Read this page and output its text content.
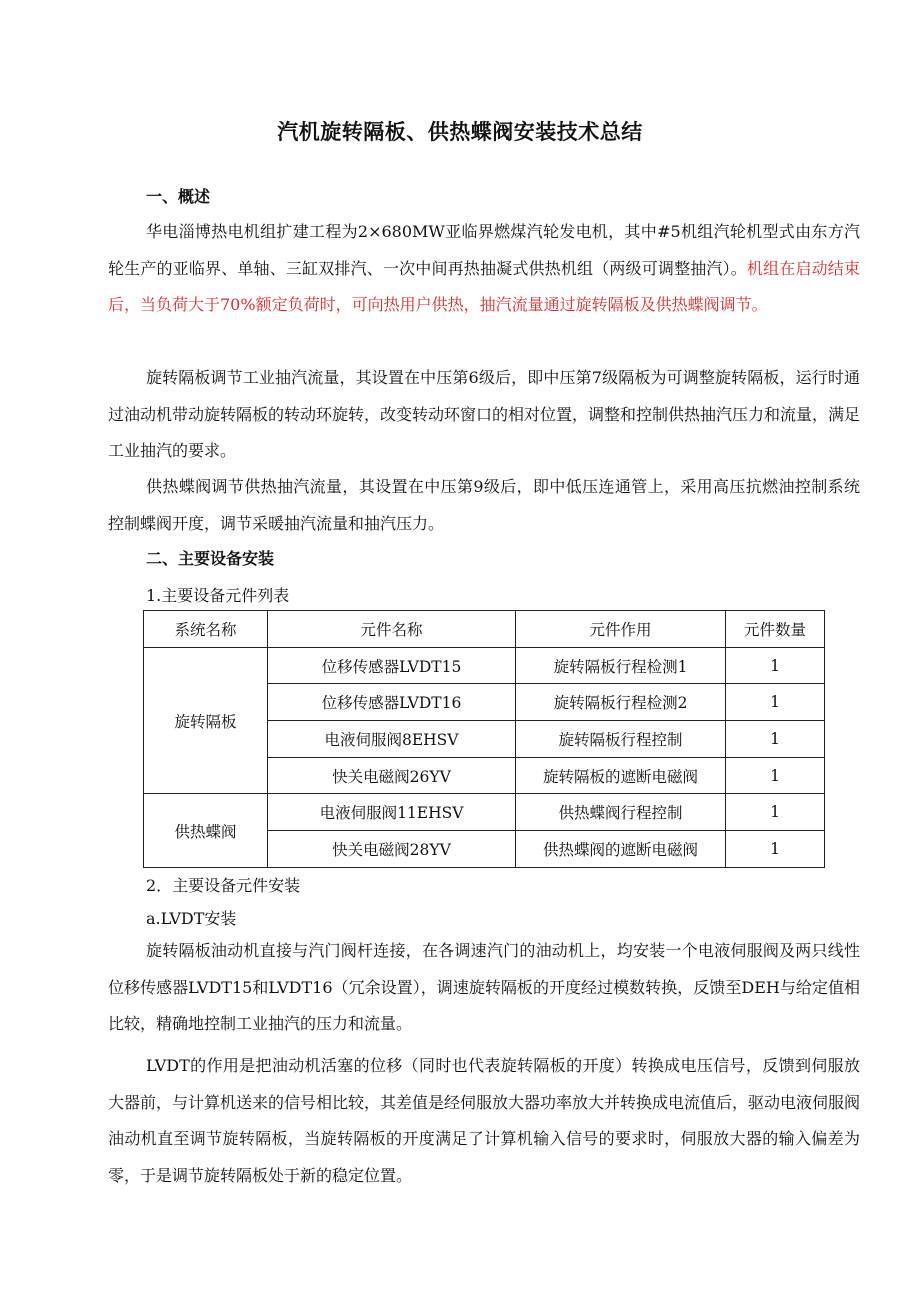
汽机旋转隔板、供热蝶阀安装技术总结
一、概述

华电淄博热电机组扩建工程为2×680MW亚临界燃煤汽轮发电机，其中#5机组汽轮机型式由东方汽轮生产的亚临界、单轴、三缸双排汽、一次中间再热抽凝式供热机组（两级可调整抽汽）。机组在启动结束后，当负荷大于70%额定负荷时，可向热用户供热，抽汽流量通过旋转隔板及供热蝶阀调节。

旋转隔板调节工业抽汽流量，其设置在中压第6级后，即中压第7级隔板为可调整旋转隔板，运行时通过油动机带动旋转隔板的转动环旋转，改变转动环窗口的相对位置，调整和控制供热抽汽压力和流量，满足工业抽汽的要求。

供热蝶阀调节供热抽汽流量，其设置在中压第9级后，即中低压连通管上，采用高压抗燃油控制系统控制蝶阀开度，调节采暖抽汽流量和抽汽压力。

二、主要设备安装
1.主要设备元件列表
系统名称	元件名称	元件作用	元件数量
旋转隔板	位移传感器LVDT15	旋转隔板行程检测1	1
	位移传感器LVDT16	旋转隔板行程检测2	1
	电液伺服阀8EHSV	旋转隔板行程控制	1
	快关电磁阀26YV	旋转隔板的遮断电磁阀	1
供热蝶阀	电液伺服阀11EHSV	供热蝶阀行程控制	1
	快关电磁阀28YV	供热蝶阀的遮断电磁阀	1
2．主要设备元件安装
a.LVDT安装

旋转隔板油动机直接与汽门阀杆连接，在各调速汽门的油动机上，均安装一个电液伺服阀及两只线性位移传感器LVDT15和LVDT16（冗余设置），调速旋转隔板的开度经过模数转换，反馈至DEH与给定值相比较，精确地控制工业抽汽的压力和流量。

LVDT的作用是把油动机活塞的位移（同时也代表旋转隔板的开度）转换成电压信号，反馈到伺服放大器前，与计算机送来的信号相比较，其差值是经伺服放大器功率放大并转换成电流值后，驱动电液伺服阀油动机直至调节旋转隔板，当旋转隔板的开度满足了计算机输入信号的要求时，伺服放大器的输入偏差为零，于是调节旋转隔板处于新的稳定位置。
